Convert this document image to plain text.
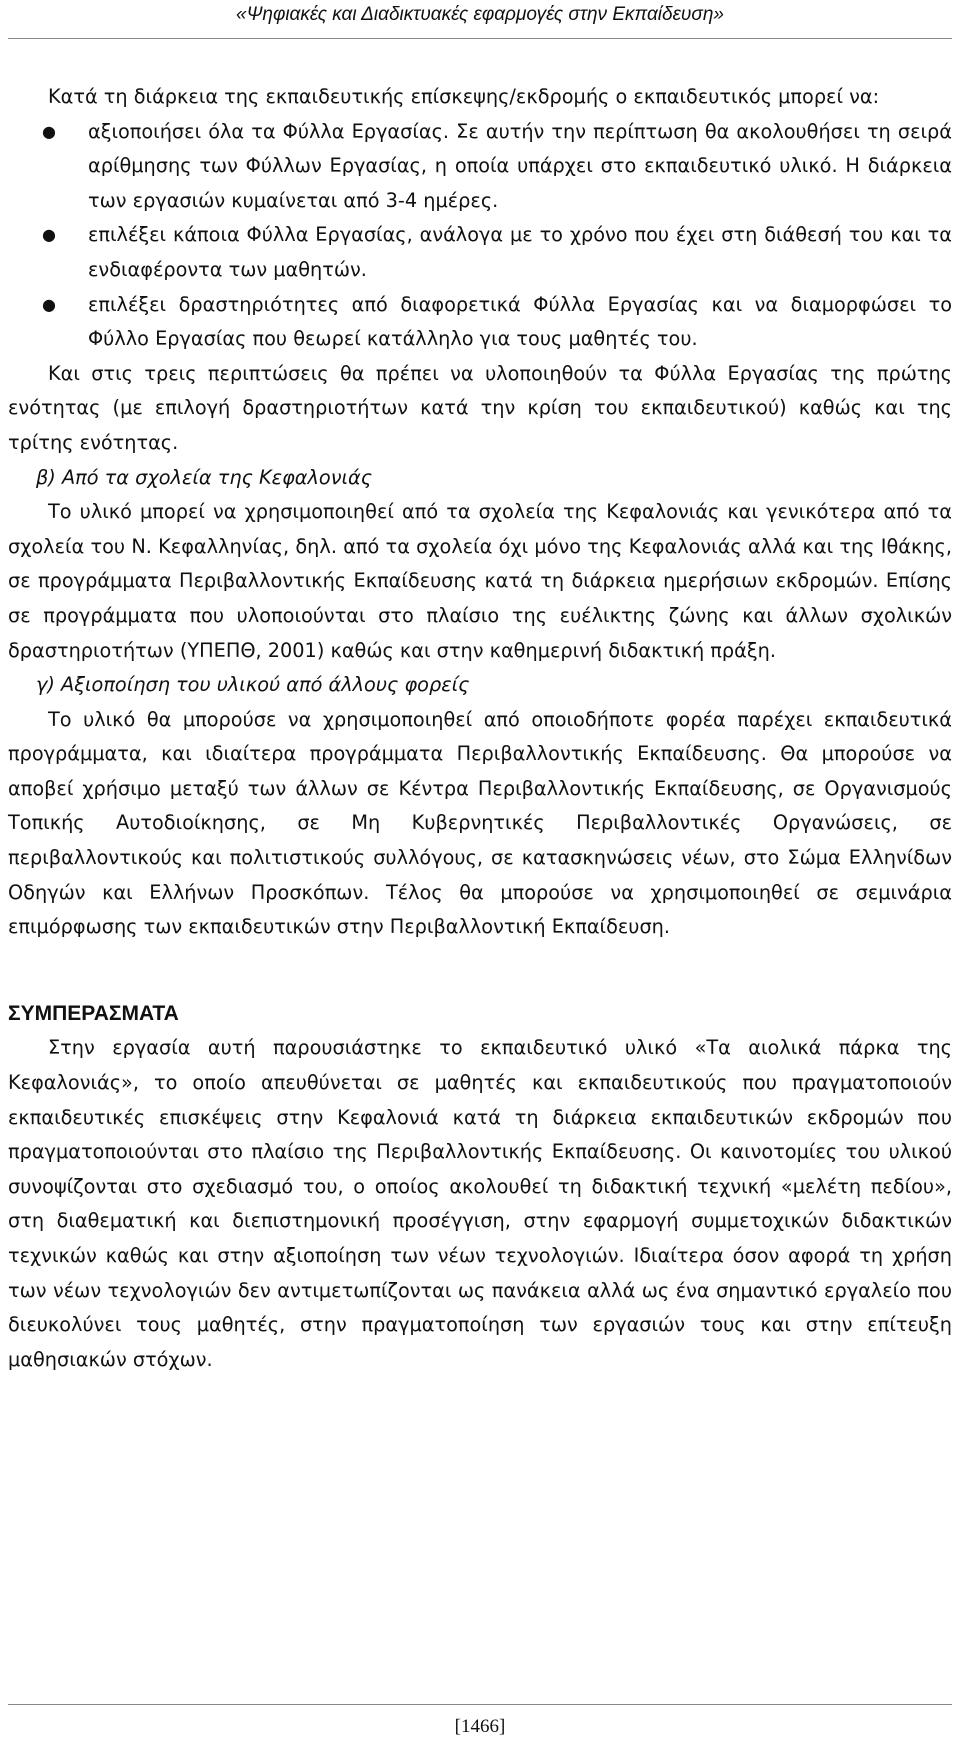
«Ψηφιακές και Διαδικτυακές εφαρμογές στην Εκπαίδευση»

Κατά τη διάρκεια της εκπαιδευτικής επίσκεψης/εκδρομής ο εκπαιδευτικός μπορεί να:

● αξιοποιήσει όλα τα Φύλλα Εργασίας. Σε αυτήν την περίπτωση θα ακολουθήσει τη σειρά αρίθμησης των Φύλλων Εργασίας, η οποία υπάρχει στο εκπαιδευτικό υλικό. Η διάρκεια των εργασιών κυμαίνεται από 3-4 ημέρες.
● επιλέξει κάποια Φύλλα Εργασίας, ανάλογα με το χρόνο που έχει στη διάθεσή του και τα ενδιαφέροντα των μαθητών.
● επιλέξει δραστηριότητες από διαφορετικά Φύλλα Εργασίας και να διαμορφώσει το Φύλλο Εργασίας που θεωρεί κατάλληλο για τους μαθητές του.

Και στις τρεις περιπτώσεις θα πρέπει να υλοποιηθούν τα Φύλλα Εργασίας της πρώτης ενότητας (με επιλογή δραστηριοτήτων κατά την κρίση του εκπαιδευτικού) καθώς και της τρίτης ενότητας.

β) Από τα σχολεία της Κεφαλονιάς

Το υλικό μπορεί να χρησιμοποιηθεί από τα σχολεία της Κεφαλονιάς και γενικότερα από τα σχολεία του Ν. Κεφαλληνίας, δηλ. από τα σχολεία όχι μόνο της Κεφαλονιάς αλλά και της Ιθάκης, σε προγράμματα Περιβαλλοντικής Εκπαίδευσης κατά τη διάρκεια ημερήσιων εκδρομών. Επίσης σε προγράμματα που υλοποιούνται στο πλαίσιο της ευέλικτης ζώνης και άλλων σχολικών δραστηριοτήτων (ΥΠΕΠΘ, 2001) καθώς και στην καθημερινή διδακτική πράξη.

γ) Αξιοποίηση του υλικού από άλλους φορείς

Το υλικό θα μπορούσε να χρησιμοποιηθεί από οποιοδήποτε φορέα παρέχει εκπαιδευτικά προγράμματα, και ιδιαίτερα προγράμματα Περιβαλλοντικής Εκπαίδευσης. Θα μπορούσε να αποβεί χρήσιμο μεταξύ των άλλων σε Κέντρα Περιβαλλοντικής Εκπαίδευσης, σε Οργανισμούς Τοπικής Αυτοδιοίκησης, σε Μη Κυβερνητικές Περιβαλλοντικές Οργανώσεις, σε περιβαλλοντικούς και πολιτιστικούς συλλόγους, σε κατασκηνώσεις νέων, στο Σώμα Ελληνίδων Οδηγών και Ελλήνων Προσκόπων. Τέλος θα μπορούσε να χρησιμοποιηθεί σε σεμινάρια επιμόρφωσης των εκπαιδευτικών στην Περιβαλλοντική Εκπαίδευση.

ΣΥΜΠΕΡΑΣΜΑΤΑ

Στην εργασία αυτή παρουσιάστηκε το εκπαιδευτικό υλικό «Τα αιολικά πάρκα της Κεφαλονιάς», το οποίο απευθύνεται σε μαθητές και εκπαιδευτικούς που πραγματοποιούν εκπαιδευτικές επισκέψεις στην Κεφαλονιά κατά τη διάρκεια εκπαιδευτικών εκδρομών που πραγματοποιούνται στο πλαίσιο της Περιβαλλοντικής Εκπαίδευσης. Οι καινοτομίες του υλικού συνοψίζονται στο σχεδιασμό του, ο οποίος ακολουθεί τη διδακτική τεχνική «μελέτη πεδίου», στη διαθεματική και διεπιστημονική προσέγγιση, στην εφαρμογή συμμετοχικών διδακτικών τεχνικών καθώς και στην αξιοποίηση των νέων τεχνολογιών. Ιδιαίτερα όσον αφορά τη χρήση των νέων τεχνολογιών δεν αντιμετωπίζονται ως πανάκεια αλλά ως ένα σημαντικό εργαλείο που διευκολύνει τους μαθητές, στην πραγματοποίηση των εργασιών τους και στην επίτευξη μαθησιακών στόχων.

[1466]
